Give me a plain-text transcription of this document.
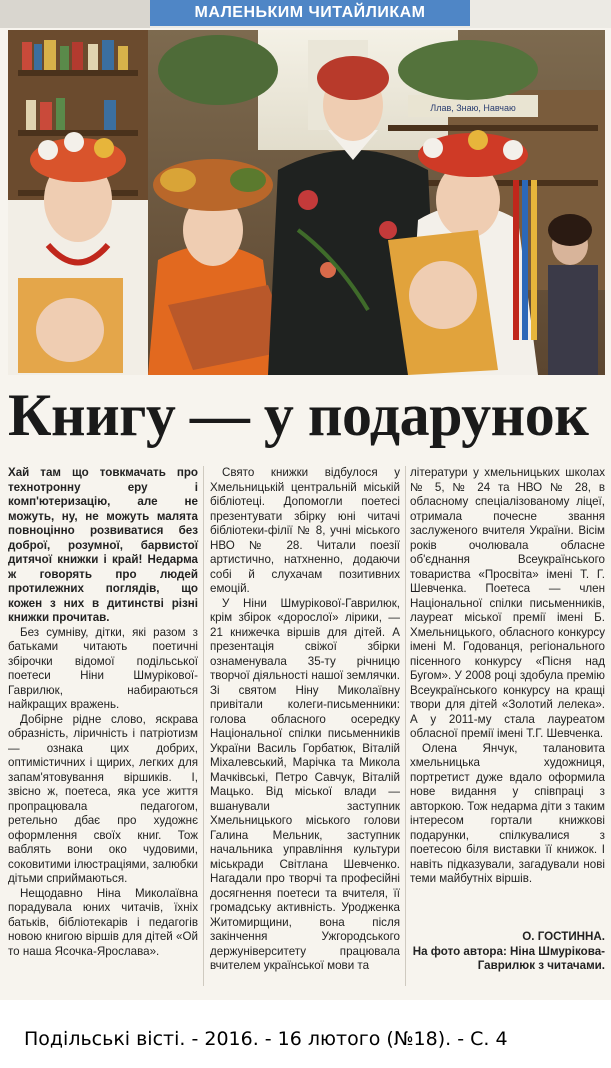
МАЛЕНЬКИМ ЧИТАЙЛИКАМ
Ллав, Знаю, Навчаю
Книгу — у подарунок

Хай там що товкмачать про технотронну еру і комп'ютеризацію, але не можуть, ну, не можуть малята повноцінно розвиватися без доброї, розумної, барвистої дитячої книжки і край! Недарма ж говорять про людей протилежних поглядів, що кожен з них в дитинстві різні книжки прочитав.

Без сумніву, дітки, які разом з батьками читають поетичні збірочки відомої подільської поетеси Ніни Шмурікової-Гаврилюк, набираються найкращих вражень.

Добірне рідне слово, яскрава образність, ліричність і патріотизм — ознака цих добрих, оптимістичних і щирих, легких для запам'ятовування віршиків. І, звісно ж, поетеса, яка усе життя пропрацювала педагогом, ретельно дбає про художнє оформлення своїх книг. Тож ваблять вони око чудовими, соковитими ілюстраціями, залюбки дітьми сприймаються.

Нещодавно Ніна Миколаївна порадувала юних читачів, їхніх батьків, бібліотекарів і педагогів новою книгою віршів для дітей «Ой то наша Ясочка-Ярослава».

Свято книжки відбулося у Хмельницькій центральній міській бібліотеці. Допомогли поетесі презентувати збірку юні читачі бібліотеки-філії № 8, учні міського НВО № 28. Читали поезії артистично, натхненно, додаючи собі й слухачам позитивних емоцій.

У Ніни Шмурікової-Гаврилюк, крім збірок «дорослої» лірики, — 21 книжечка віршів для дітей. А презентація свіжої збірки ознаменувала 35-ту річницю творчої діяльності нашої землячки. Зі святом Ніну Миколаївну привітали колеги-письменники: голова обласного осередку Національної спілки письменників України Василь Горбатюк, Віталій Міхалевський, Марічка та Микола Мачківські, Петро Савчук, Віталій Мацько. Від міської влади — вшанували заступник Хмельницького міського голови Галина Мельник, заступник начальника управління культури міськради Світлана Шевченко. Нагадали про творчі та професійні досягнення поетеси та вчителя, її громадську активність. Уродженка Житомирщини, вона після закінчення Ужгородського держуніверситету працювала вчителем української мови та

літератури у хмельницьких школах № 5, № 24 та НВО № 28, в обласному спеціалізованому ліцеї, отримала почесне звання заслуженого вчителя України. Вісім років очолювала обласне об'єднання Всеукраїнського товариства «Просвіта» імені Т. Г. Шевченка. Поетеса — член Національної спілки письменників, лауреат міської премії імені Б. Хмельницького, обласного конкурсу імені М. Годованця, регіонального пісенного конкурсу «Пісня над Бугом». У 2008 році здобула премію Всеукраїнського конкурсу на кращі твори для дітей «Золотий лелека». А у 2011-му стала лауреатом обласної премії імені Т.Г. Шевченка.

Олена Янчук, талановита хмельницька художниця, портретист дуже вдало оформила нове видання у співпраці з авторкою. Тож недарма діти з таким інтересом гортали книжкові подарунки, спілкувалися з поетесою біля виставки її книжок. І навіть підказували, загадували нові теми майбутніх віршів.

О. ГОСТИННА.
На фото автора: Ніна Шмурікова-Гаврилюк з читачами.
Подільські вісті. - 2016. - 16 лютого (№18). - С. 4
